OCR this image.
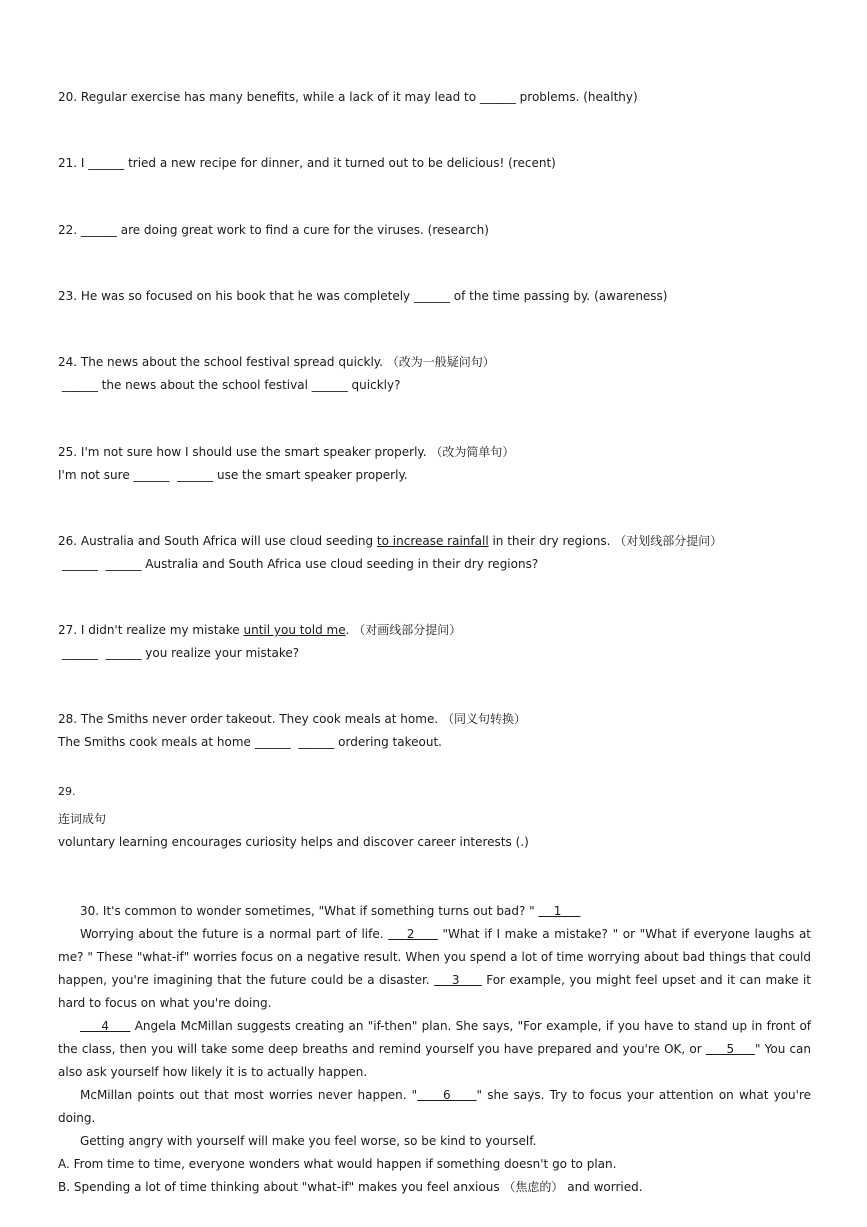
20. Regular exercise has many benefits, while a lack of it may lead to ______ problems. (healthy)
21. I ______ tried a new recipe for dinner, and it turned out to be delicious! (recent)
22. ______ are doing great work to find a cure for the viruses. (research)
23. He was so focused on his book that he was completely ______ of the time passing by. (awareness)
24. The news about the school festival spread quickly. （改为一般疑问句）
______ the news about the school festival ______ quickly?
25. I'm not sure how I should use the smart speaker properly. （改为简单句）
I'm not sure ______  ______ use the smart speaker properly.
26. Australia and South Africa will use cloud seeding to increase rainfall in their dry regions. （对划线部分提问）
______  ______ Australia and South Africa use cloud seeding in their dry regions?
27. I didn't realize my mistake until you told me. （对画线部分提问）
______  ______ you realize your mistake?
28. The Smiths never order takeout. They cook meals at home. （同义句转换）
The Smiths cook meals at home ______  ______ ordering takeout.
29.
连词成句
voluntary learning encourages curiosity helps and discover career interests (.)

30. It's common to wonder sometimes, "What if something turns out bad? "     1

Worrying about the future is a normal part of life.     2      "What if I make a mistake? " or "What if everyone laughs at me? " These "what-if" worries focus on a negative result. When you spend a lot of time worrying about bad things that could happen, you're imagining that the future could be a disaster.     3      For example, you might feel upset and it can make it hard to focus on what you're doing.

4      Angela McMillan suggests creating an "if-then" plan. She says, "For example, if you have to stand up in front of the class, then you will take some deep breaths and remind yourself you have prepared and you're OK, or      5     " You can also ask yourself how likely it is to actually happen.

McMillan points out that most worries never happen. "     6     " she says. Try to focus your attention on what you're doing.

Getting angry with yourself will make you feel worse, so be kind to yourself.

A. From time to time, everyone wonders what would happen if something doesn't go to plan.

B. Spending a lot of time thinking about "what-if" makes you feel anxious （焦虑的） and worried.
